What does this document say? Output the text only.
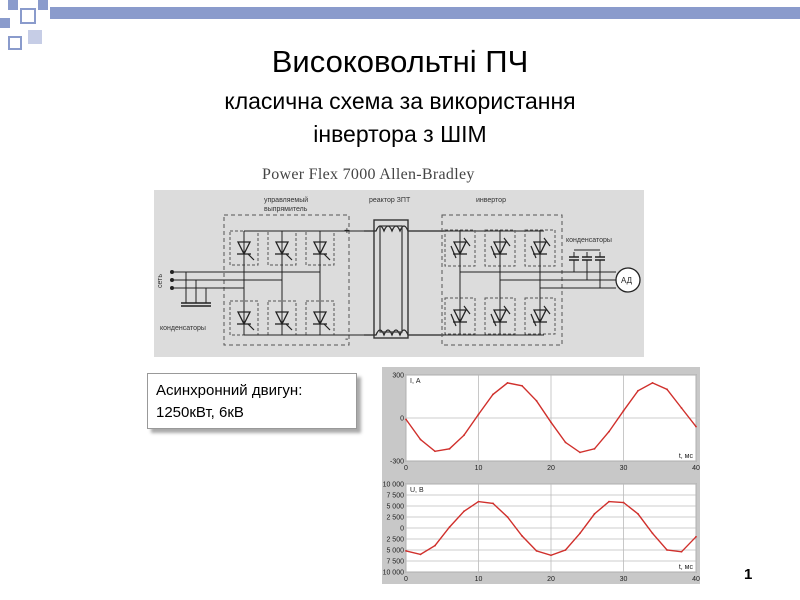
Високовольтні ПЧ
класична схема за використання
інвертора з ШІМ
Power Flex 7000 Allen-Bradley
управляемый
выпрямитель
+
-
сеть
конденсаторы
реактор ЗПТ	инвертор
конденсаторы
АД
Асинхронний двигун:
1250кВт, 6кВ
0	10	20	30	40
300
0
-300
I, А
t, мс
0	10	20	30	40
10 000
7 500
5 000
2 500
0
2 500
5 000
7 500
10 000
U, В
t, мс	1
